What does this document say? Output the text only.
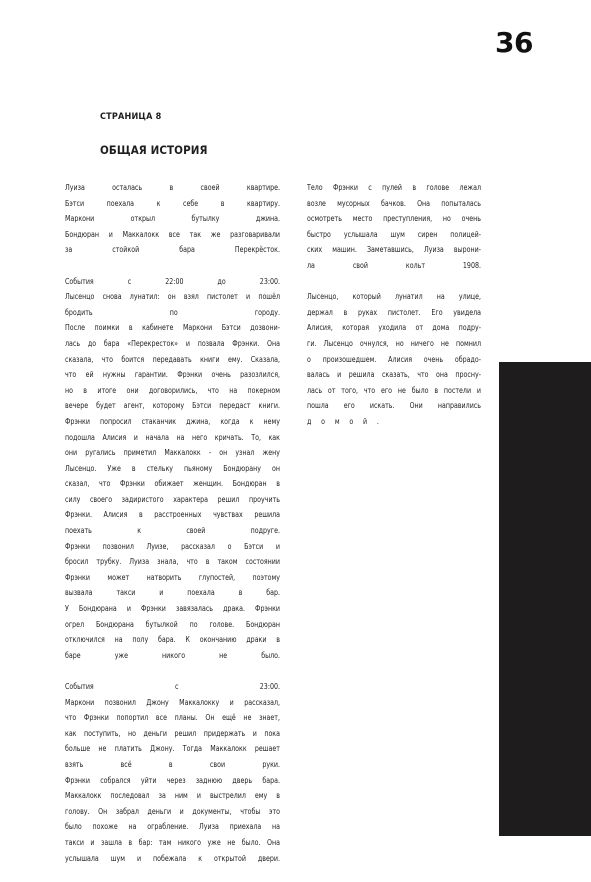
36
СТРАНИЦА 8
ОБЩАЯ ИСТОРИЯ
Луиза осталась в своей квартире.
Бэтси поехала к себе в квартиру.
Маркони открыл бутылку джина.
Бондюран и Маккалокк все так же разговаривали
за стойкой бара Перекрёсток.
События с 22:00 до 23:00.
Лысенцо снова лунатил: он взял пистолет и пошёл
бродить по городу.
После поимки в кабинете Маркони Бэтси дозвони-
лась до бара «Перекресток» и позвала Фрэнки. Она
сказала, что боится передавать книги ему. Сказала,
что ей нужны гарантии. Фрэнки очень разозлился,
но в итоге они договорились, что на покерном
вечере будет агент, которому Бэтси передаст книги.
Фрэнки попросил стаканчик джина, когда к нему
подошла Алисия и начала на него кричать. То, как
они ругались приметил Маккалокк - он узнал жену
Лысенцо. Уже в стельку пьяному Бондюрану он
сказал, что Фрэнки обижает женщин. Бондюран в
силу своего задиристого характера решил проучить
Фрэнки. Алисия в расстроенных чувствах решила
поехать к своей подруге.
Фрэнки позвонил Луизе, рассказал о Бэтси и
бросил трубку. Луиза знала, что в таком состоянии
Фрэнки может натворить глупостей, поэтому
вызвала такси и поехала в бар.
У Бондюрана и Фрэнки завязалась драка. Фрэнки
огрел Бондюрана бутылкой по голове. Бондюран
отключился на полу бара. К окончанию драки в
баре уже никого не было.
События с 23:00.
Маркони позвонил Джону Маккалокку и рассказал,
что Фрэнки попортил все планы. Он ещё не знает,
как поступить, но деньги решил придержать и пока
больше не платить Джону. Тогда Маккалокк решает
взять всё в свои руки.
Фрэнки собрался уйти через заднюю дверь бара.
Маккалокк последовал за ним и выстрелил ему в
голову. Он забрал деньги и документы, чтобы это
было похоже на ограбление. Луиза приехала на
такси и зашла в бар: там никого уже не было. Она
услышала шум и побежала к открытой двери.
Тело Фрэнки с пулей в голове лежал
возле мусорных бачков. Она попыталась
осмотреть место преступления, но очень
быстро услышала шум сирен полицей-
ских машин. Заметавшись, Луиза вырони-
ла свой кольт 1908.
Лысенцо, который лунатил на улице,
держал в руках пистолет. Его увидела
Алисия, которая уходила от дома подру-
ги. Лысенцо очнулся, но ничего не помнил
о произошедшем. Алисия очень обрадо-
валась и решила сказать, что она просну-
лась от того, что его не было в постели и
пошла его искать. Они направились
домой.
